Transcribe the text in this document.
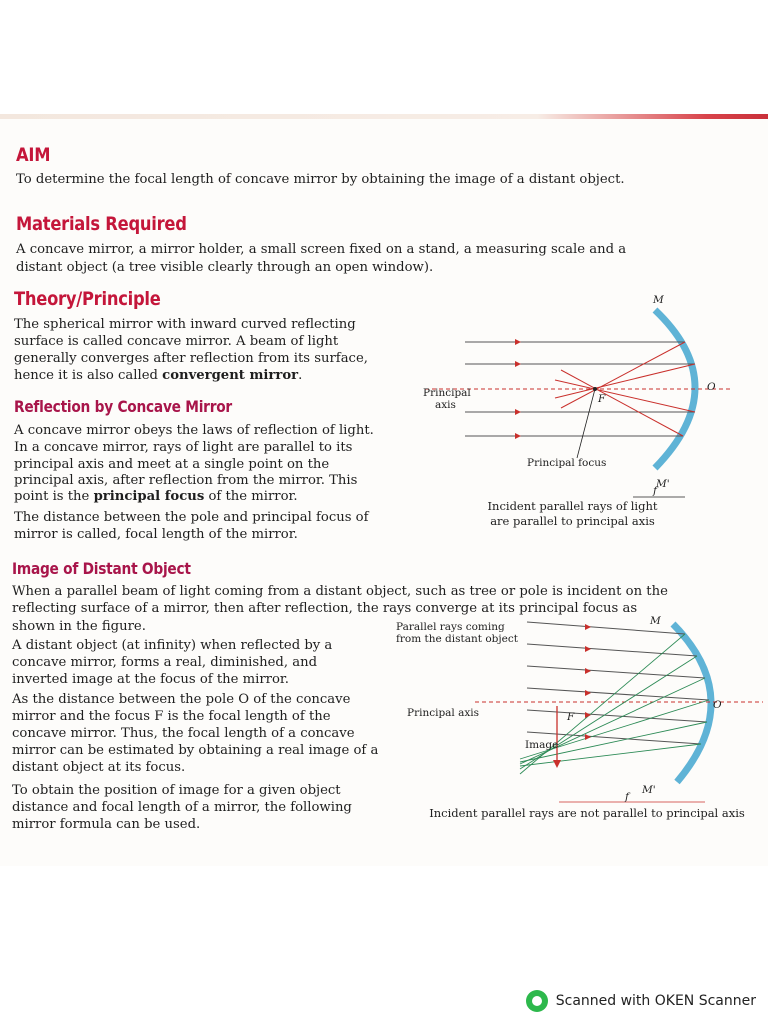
AIM

To determine the focal length of concave mirror by obtaining the image of a distant object.

Materials Required

A concave mirror, a mirror holder, a small screen fixed on a stand, a measuring scale and a

distant object (a tree visible clearly through an open window).

Theory/Principle

The spherical mirror with inward curved reflecting

surface is called concave mirror. A beam of light

generally converges after reflection from its surface,

hence it is also called convergent mirror.

Reflection by Concave Mirror

A concave mirror obeys the laws of reflection of light.

In a concave mirror, rays of light are parallel to its

principal axis and meet at a single point on the

principal axis, after reflection from the mirror. This

point is the principal focus of the mirror.

The distance between the pole and principal focus of

mirror is called, focal length of the mirror.

M
M'
O
F
Principal
axis
Principal focus
f

Incident parallel rays of light
are parallel to principal axis

Image of Distant Object

When a parallel beam of light coming from a distant object, such as tree or pole is incident on the

reflecting surface of a mirror, then after reflection, the rays converge at its principal focus as

shown in the figure.

A distant object (at infinity) when reflected by a

concave mirror, forms a real, diminished, and

inverted image at the focus of the mirror.

As the distance between the pole O of the concave

mirror and the focus F is the focal length of the

concave mirror. Thus, the focal length of a concave

mirror can be estimated by obtaining a real image of a

distant object at its focus.

To obtain the position of image for a given object

distance and focal length of a mirror, the following

mirror formula can be used.

M
M'
O
F
Image
f

Parallel rays coming
from the distant object

Principal axis

Incident parallel rays are not parallel to principal axis

Scanned with OKEN Scanner
